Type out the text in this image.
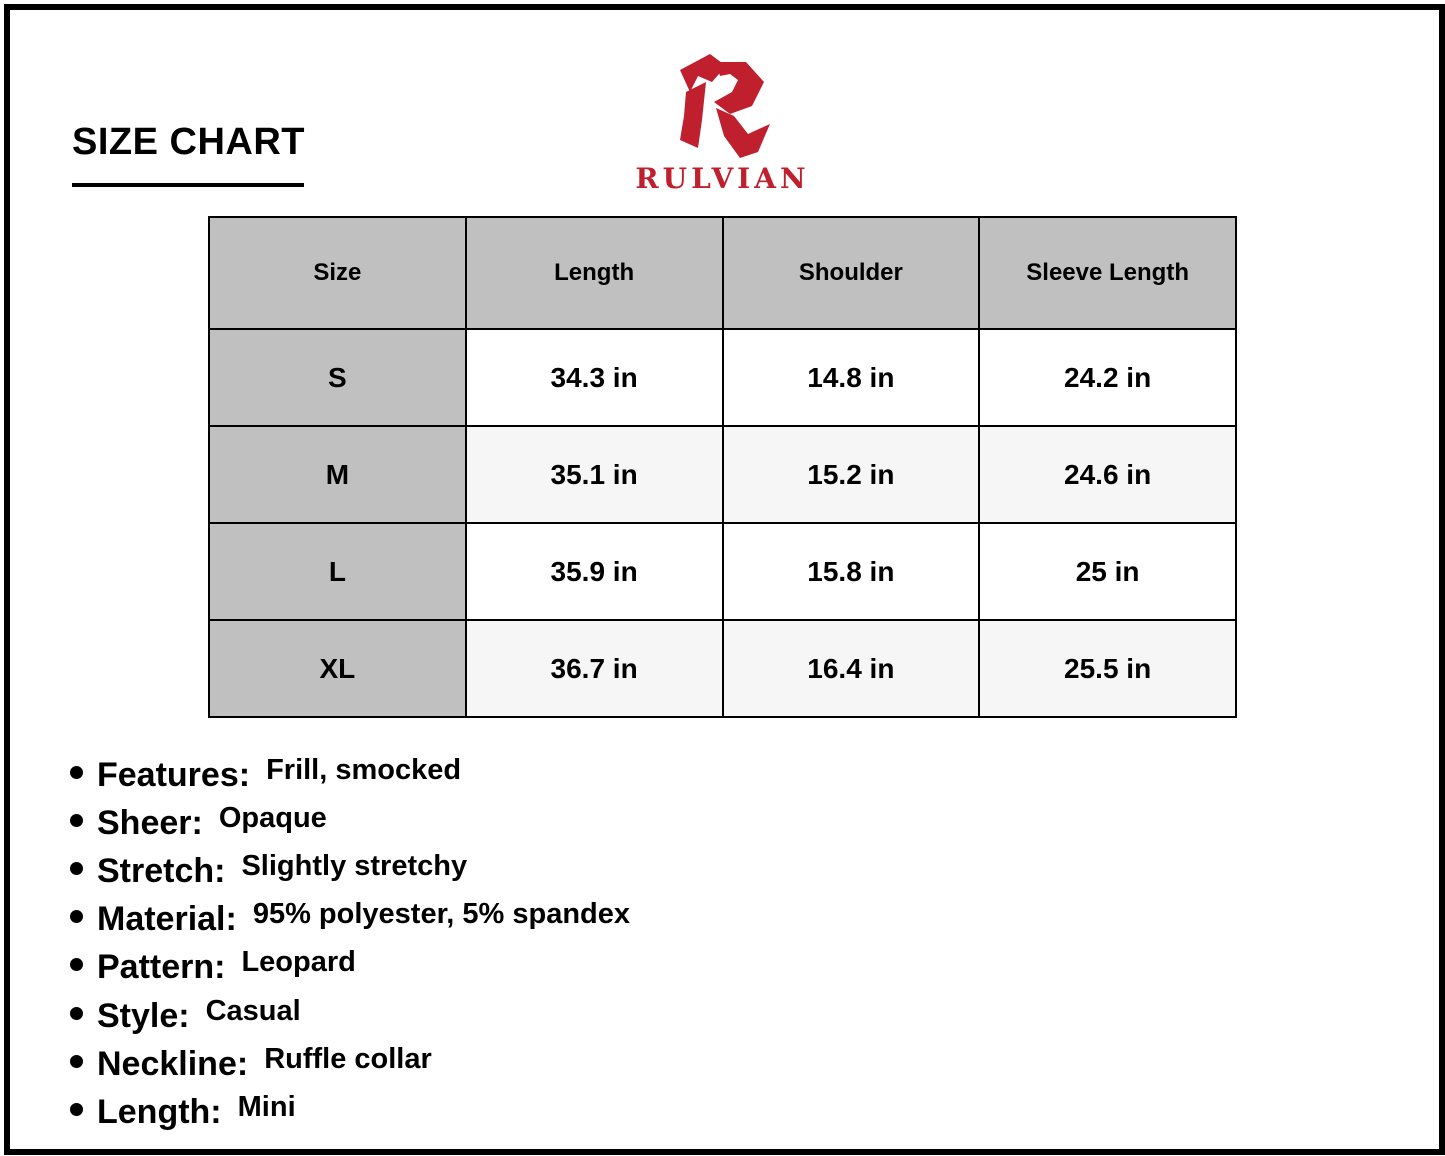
SIZE CHART
RULVIAN
Size	Length	Shoulder	Sleeve Length
S	34.3 in	14.8 in	24.2 in
M	35.1 in	15.2 in	24.6 in
L	35.9 in	15.8 in	25 in
XL	36.7 in	16.4 in	25.5 in
Features: Frill, smocked
Sheer: Opaque
Stretch: Slightly stretchy
Material: 95% polyester, 5% spandex
Pattern: Leopard
Style: Casual
Neckline: Ruffle collar
Length: Mini
